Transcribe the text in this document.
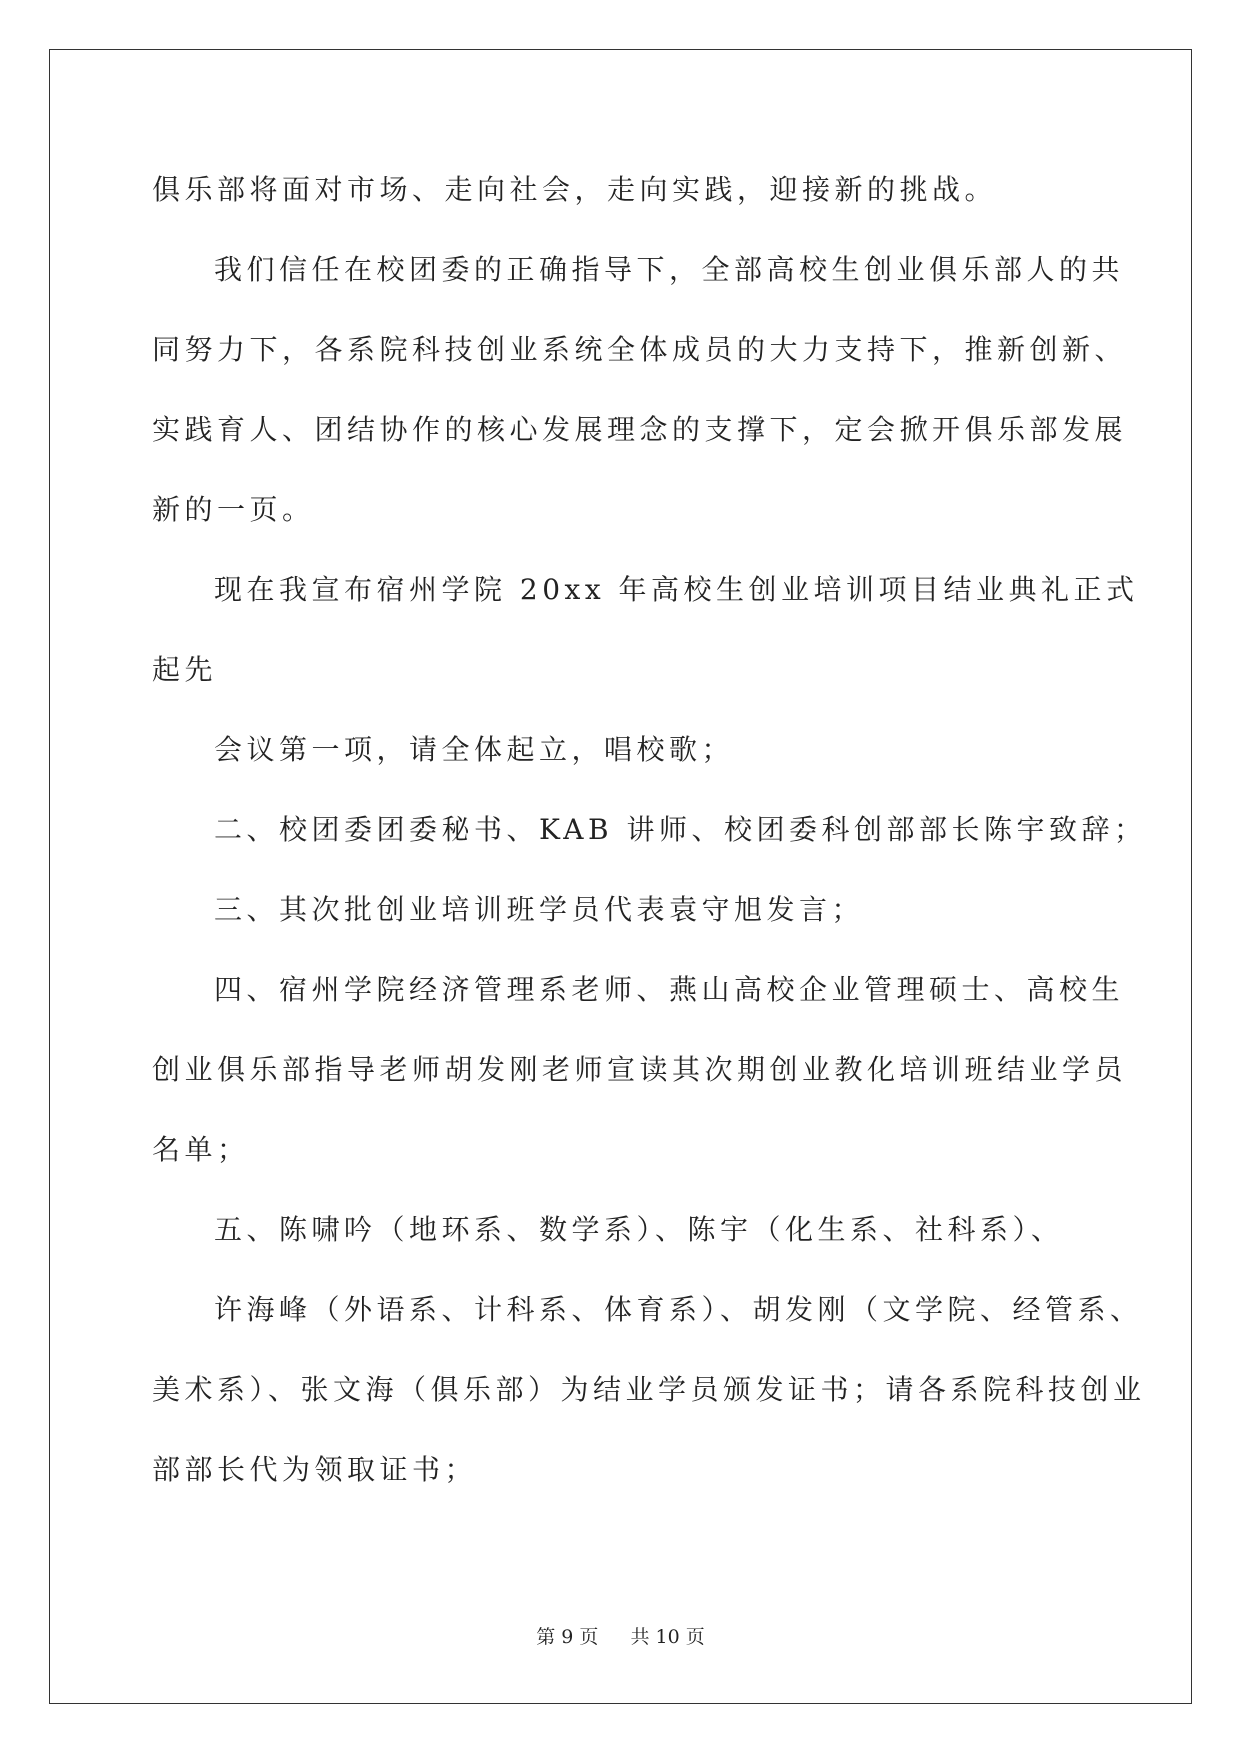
俱乐部将面对市场、走向社会，走向实践，迎接新的挑战。
我们信任在校团委的正确指导下，全部高校生创业俱乐部人的共
同努力下，各系院科技创业系统全体成员的大力支持下，推新创新、
实践育人、团结协作的核心发展理念的支撑下，定会掀开俱乐部发展
新的一页。
现在我宣布宿州学院 20xx 年高校生创业培训项目结业典礼正式
起先
会议第一项，请全体起立，唱校歌；
二、校团委团委秘书、KAB 讲师、校团委科创部部长陈宇致辞；
三、其次批创业培训班学员代表袁守旭发言；
四、宿州学院经济管理系老师、燕山高校企业管理硕士、高校生
创业俱乐部指导老师胡发刚老师宣读其次期创业教化培训班结业学员
名单；
五、陈啸吟（地环系、数学系）、陈宇（化生系、社科系）、
许海峰（外语系、计科系、体育系）、胡发刚（文学院、经管系、
美术系）、张文海（俱乐部）为结业学员颁发证书；请各系院科技创业
部部长代为领取证书；
第 9 页 共 10 页
